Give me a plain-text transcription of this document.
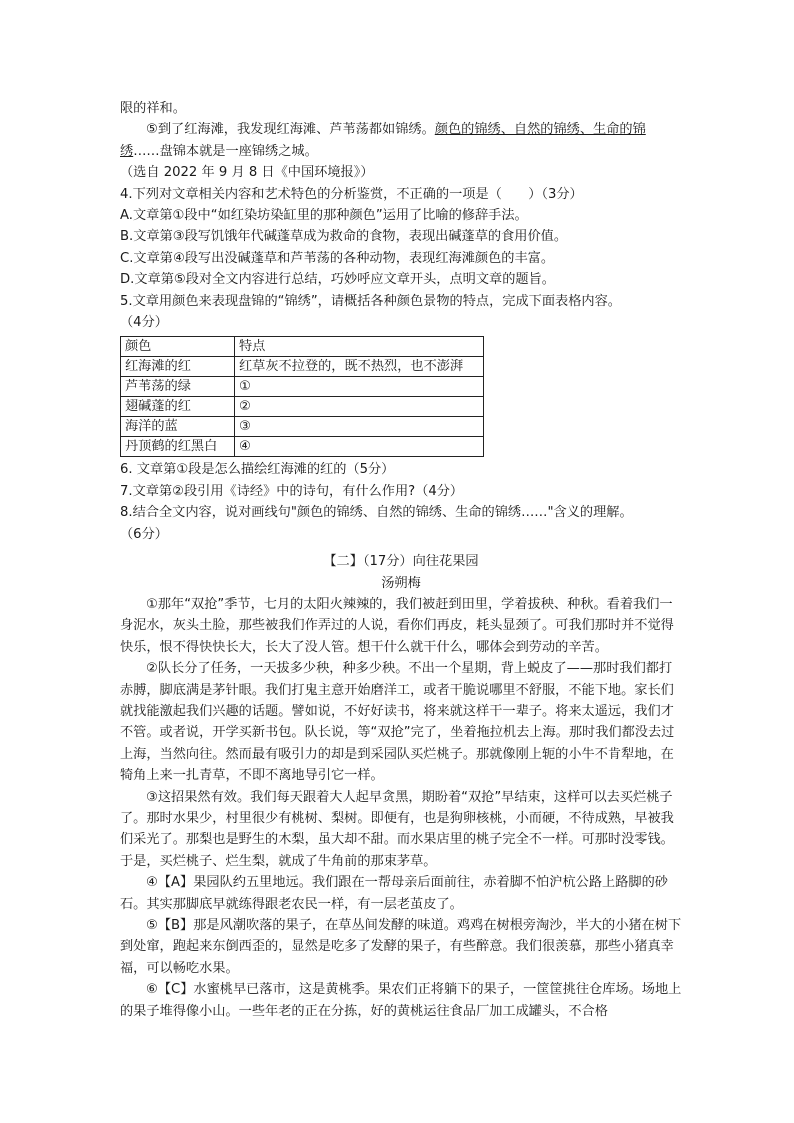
限的祥和。
⑤到了红海滩，我发现红海滩、芦苇荡都如锦绣。颜色的锦绣、自然的锦绣、生命的锦
绣……盘锦本就是一座锦绣之城。
（选自 2022 年 9 月 8 日《中国环境报》）
4.下列对文章相关内容和艺术特色的分析鉴赏，不正确的一项是（　　）（3分）
A.文章第①段中“如红染坊染缸里的那种颜色”运用了比喻的修辞手法。
B.文章第③段写饥饿年代碱蓬草成为救命的食物，表现出碱蓬草的食用价值。
C.文章第④段写出没碱蓬草和芦苇荡的各种动物，表现红海滩颜色的丰富。
D.文章第⑤段对全文内容进行总结，巧妙呼应文章开头，点明文章的题旨。
5.文章用颜色来表现盘锦的“锦绣”，请概括各种颜色景物的特点，完成下面表格内容。
（4分）
颜色	特点
红海滩的红	红草灰不拉登的，既不热烈，也不澎湃
芦苇荡的绿	①
翅碱蓬的红	②
海洋的蓝	③
丹顶鹤的红黑白	④
6. 文章第①段是怎么描绘红海滩的红的（5分）
7.文章第②段引用《诗经》中的诗句，有什么作用?（4分）
8.结合全文内容，说对画线句"颜色的锦绣、自然的锦绣、生命的锦绣……"含义的理解。
（6分）
【二】（17分）向往花果园
汤朔梅
①那年“双抢”季节，七月的太阳火辣辣的，我们被赶到田里，学着拔秧、种秋。看着我们一身泥水，灰头土脸，那些被我们作弄过的人说，看你们再皮，耗头显颈了。可我们那时并不觉得快乐，恨不得快快长大，长大了没人管。想干什么就干什么，哪体会到劳动的辛苦。
②队长分了任务，一天拔多少秧，种多少秧。不出一个星期，背上蜕皮了——那时我们都打赤膊，脚底满是茅针眼。我们打鬼主意开始磨洋工，或者干脆说哪里不舒服，不能下地。家长们就找能激起我们兴趣的话题。譬如说，不好好读书，将来就这样干一辈子。将来太遥远，我们才不管。或者说，开学买新书包。队长说，等“双抢”完了，坐着拖拉机去上海。那时我们都没去过上海，当然向往。然而最有吸引力的却是到采园队买烂桃子。那就像刚上轭的小牛不肯犁地，在犄角上来一扎青草，不即不离地导引它一样。
③这招果然有效。我们每天跟着大人起早贪黑，期盼着“双抢”早结束，这样可以去买烂桃子了。那时水果少，村里很少有桃树、梨树。即便有，也是狗卵核桃，小而硬，不待成熟，早被我们采光了。那梨也是野生的木梨，虽大却不甜。而水果店里的桃子完全不一样。可那时没零钱。于是，买烂桃子、烂生梨，就成了牛角前的那束茅草。
④【A】果园队约五里地远。我们跟在一帮母亲后面前往，赤着脚不怕沪杭公路上路脚的砂石。其实那脚底早就练得跟老农民一样，有一层老茧皮了。
⑤【B】那是风潮吹落的果子，在草丛间发酵的味道。鸡鸡在树根旁淘沙，半大的小猪在树下到处窜，跑起来东倒西歪的，显然是吃多了发酵的果子，有些醉意。我们很羡慕，那些小猪真幸福，可以畅吃水果。
⑥【C】水蜜桃早已落市，这是黄桃季。果农们正将躺下的果子，一筐筐挑往仓库场。场地上的果子堆得像小山。一些年老的正在分拣，好的黄桃运往食品厂加工成罐头，不合格
